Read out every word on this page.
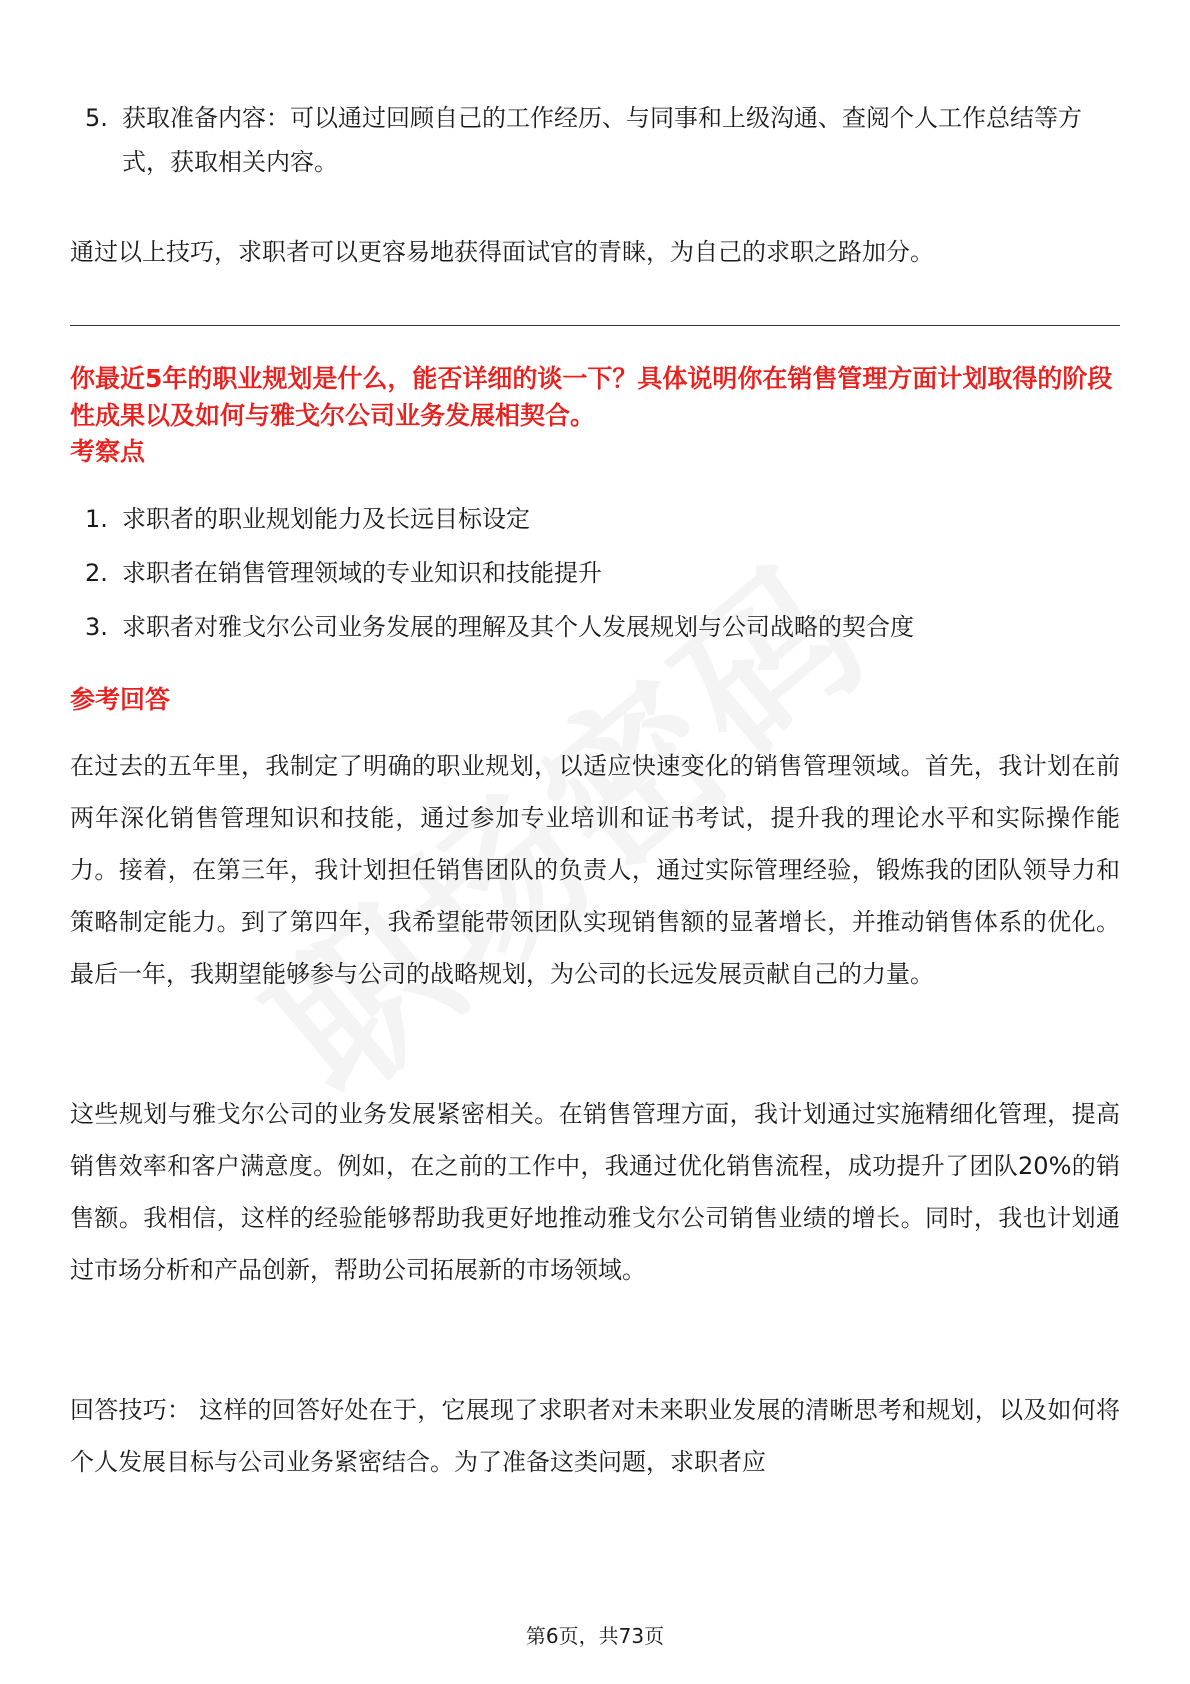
5. 获取准备内容：可以通过回顾自己的工作经历、与同事和上级沟通、查阅个人工作总结等方式，获取相关内容。
通过以上技巧，求职者可以更容易地获得面试官的青睐，为自己的求职之路加分。
你最近5年的职业规划是什么，能否详细的谈一下？具体说明你在销售管理方面计划取得的阶段性成果以及如何与雅戈尔公司业务发展相契合。
考察点
1. 求职者的职业规划能力及长远目标设定
2. 求职者在销售管理领域的专业知识和技能提升
3. 求职者对雅戈尔公司业务发展的理解及其个人发展规划与公司战略的契合度
参考回答
在过去的五年里，我制定了明确的职业规划，以适应快速变化的销售管理领域。首先，我计划在前两年深化销售管理知识和技能，通过参加专业培训和证书考试，提升我的理论水平和实际操作能力。接着，在第三年，我计划担任销售团队的负责人，通过实际管理经验，锻炼我的团队领导力和策略制定能力。到了第四年，我希望能带领团队实现销售额的显著增长，并推动销售体系的优化。最后一年，我期望能够参与公司的战略规划，为公司的长远发展贡献自己的力量。
这些规划与雅戈尔公司的业务发展紧密相关。在销售管理方面，我计划通过实施精细化管理，提高销售效率和客户满意度。例如，在之前的工作中，我通过优化销售流程，成功提升了团队20%的销售额。我相信，这样的经验能够帮助我更好地推动雅戈尔公司销售业绩的增长。同时，我也计划通过市场分析和产品创新，帮助公司拓展新的市场领域。
回答技巧： 这样的回答好处在于，它展现了求职者对未来职业发展的清晰思考和规划，以及如何将个人发展目标与公司业务紧密结合。为了准备这类问题，求职者应
第6页，共73页
